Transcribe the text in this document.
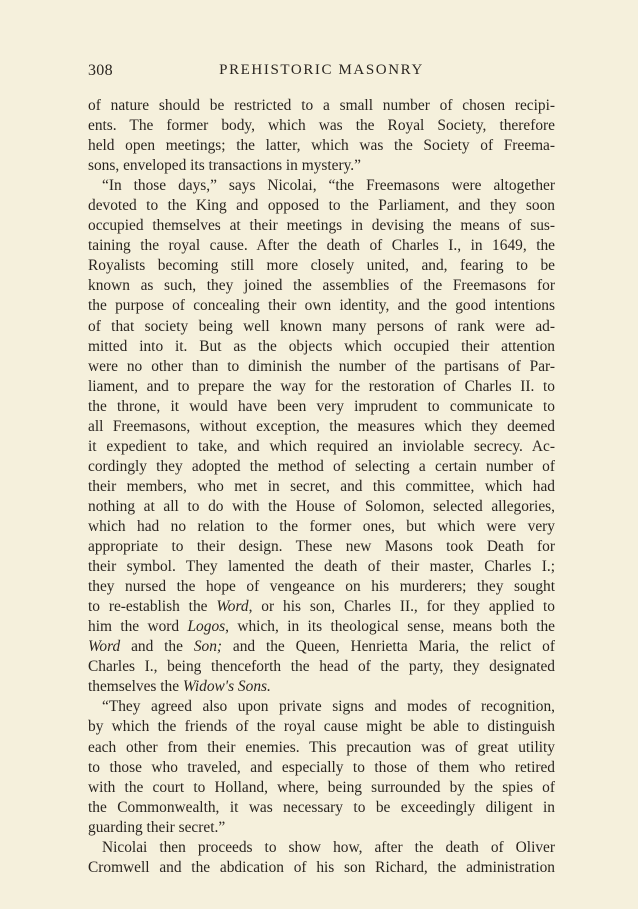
308	PREHISTORIC MASONRY
of nature should be restricted to a small number of chosen recipi-
ents. The former body, which was the Royal Society, therefore
held open meetings; the latter, which was the Society of Freema-
sons, enveloped its transactions in mystery.”
“In those days,” says Nicolai, “the Freemasons were altogether
devoted to the King and opposed to the Parliament, and they soon
occupied themselves at their meetings in devising the means of sus-
taining the royal cause. After the death of Charles I., in 1649, the
Royalists becoming still more closely united, and, fearing to be
known as such, they joined the assemblies of the Freemasons for
the purpose of concealing their own identity, and the good intentions
of that society being well known many persons of rank were ad-
mitted into it. But as the objects which occupied their attention
were no other than to diminish the number of the partisans of Par-
liament, and to prepare the way for the restoration of Charles II. to
the throne, it would have been very imprudent to communicate to
all Freemasons, without exception, the measures which they deemed
it expedient to take, and which required an inviolable secrecy. Ac-
cordingly they adopted the method of selecting a certain number of
their members, who met in secret, and this committee, which had
nothing at all to do with the House of Solomon, selected allegories,
which had no relation to the former ones, but which were very
appropriate to their design. These new Masons took Death for
their symbol. They lamented the death of their master, Charles I.;
they nursed the hope of vengeance on his murderers; they sought
to re-establish the Word, or his son, Charles II., for they applied to
him the word Logos, which, in its theological sense, means both the
Word and the Son; and the Queen, Henrietta Maria, the relict of
Charles I., being thenceforth the head of the party, they designated
themselves the Widow's Sons.
“They agreed also upon private signs and modes of recognition,
by which the friends of the royal cause might be able to distinguish
each other from their enemies. This precaution was of great utility
to those who traveled, and especially to those of them who retired
with the court to Holland, where, being surrounded by the spies of
the Commonwealth, it was necessary to be exceedingly diligent in
guarding their secret.”
Nicolai then proceeds to show how, after the death of Oliver
Cromwell and the abdication of his son Richard, the administration
